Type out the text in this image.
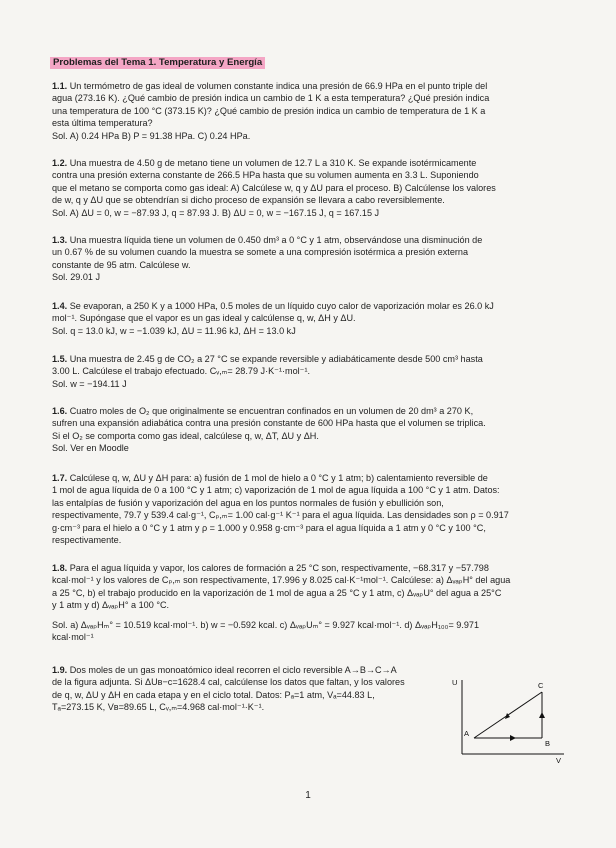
Problemas del Tema 1. Temperatura y Energía

1.1. Un termómetro de gas ideal de volumen constante indica una presión de 66.9 HPa en el punto triple del

agua (273.16 K). ¿Qué cambio de presión indica un cambio de 1 K a esta temperatura? ¿Qué presión indica

una temperatura de 100 °C (373.15 K)? ¿Qué cambio de presión indica un cambio de temperatura de 1 K a

esta última temperatura?

Sol. A) 0.24 HPa B) P = 91.38 HPa. C) 0.24 HPa.

1.2. Una muestra de 4.50 g de metano tiene un volumen de 12.7 L a 310 K. Se expande isotérmicamente

contra una presión externa constante de 266.5 HPa hasta que su volumen aumenta en 3.3 L. Suponiendo

que el metano se comporta como gas ideal: A) Calcúlese w, q y ΔU para el proceso. B) Calcúlense los valores

de w, q y ΔU que se obtendrían si dicho proceso de expansión se llevara a cabo reversiblemente.

Sol. A) ΔU = 0, w = −87.93 J, q = 87.93 J. B) ΔU = 0, w = −167.15 J, q = 167.15 J

1.3. Una muestra líquida tiene un volumen de 0.450 dm³ a 0 °C y 1 atm, observándose una disminución de

un 0.67 % de su volumen cuando la muestra se somete a una compresión isotérmica a presión externa

constante de 95 atm. Calcúlese w.

Sol. 29.01 J

1.4. Se evaporan, a 250 K y a 1000 HPa, 0.5 moles de un líquido cuyo calor de vaporización molar es 26.0 kJ

mol⁻¹. Supóngase que el vapor es un gas ideal y calcúlense q, w, ΔH y ΔU.

Sol. q = 13.0 kJ, w = −1.039 kJ, ΔU = 11.96 kJ, ΔH = 13.0 kJ

1.5. Una muestra de 2.45 g de CO₂ a 27 °C se expande reversible y adiabáticamente desde 500 cm³ hasta

3.00 L. Calcúlese el trabajo efectuado. Cᵥ,ₘ= 28.79 J·K⁻¹·mol⁻¹.

Sol. w = −194.11 J

1.6. Cuatro moles de O₂ que originalmente se encuentran confinados en un volumen de 20 dm³ a 270 K,

sufren una expansión adiabática contra una presión constante de 600 HPa hasta que el volumen se triplica.

Si el O₂ se comporta como gas ideal, calcúlese q, w, ΔT, ΔU y ΔH.

Sol. Ver en Moodle

1.7. Calcúlese q, w, ΔU y ΔH para: a) fusión de 1 mol de hielo a 0 °C y 1 atm; b) calentamiento reversible de

1 mol de agua líquida de 0 a 100 °C y 1 atm; c) vaporización de 1 mol de agua líquida a 100 °C y 1 atm. Datos:

las entalpías de fusión y vaporización del agua en los puntos normales de fusión y ebullición son,

respectivamente, 79.7 y 539.4 cal·g⁻¹, Cₚ,ₘ= 1.00 cal·g⁻¹ K⁻¹ para el agua líquida. Las densidades son ρ = 0.917

g·cm⁻³ para el hielo a 0 °C y 1 atm y ρ = 1.000 y 0.958 g·cm⁻³ para el agua líquida a 1 atm y 0 °C y 100 °C,

respectivamente.

1.8. Para el agua líquida y vapor, los calores de formación a 25 °C son, respectivamente, −68.317 y −57.798

kcal·mol⁻¹ y los valores de Cₚ,ₘ son respectivamente, 17.996 y 8.025 cal·K⁻¹mol⁻¹. Calcúlese: a) ΔᵥₐₚH° del agua

a 25 °C, b) el trabajo producido en la vaporización de 1 mol de agua a 25 °C y 1 atm, c) ΔᵥₐₚU° del agua a 25°C

y 1 atm y d) ΔᵥₐₚH° a 100 °C.

Sol. a) ΔᵥₐₚHₘ° = 10.519 kcal·mol⁻¹. b) w = −0.592 kcal. c) ΔᵥₐₚUₘ° = 9.927 kcal·mol⁻¹. d) ΔᵥₐₚH₁₀₀= 9.971

kcal·mol⁻¹

1.9. Dos moles de un gas monoatómico ideal recorren el ciclo reversible A→B→C→A

de la figura adjunta. Si ΔUʙ−ᴄ=1628.4 cal, calcúlense los datos que faltan, y los valores

de q, w, ΔU y ΔH en cada etapa y en el ciclo total. Datos: Pₐ=1 atm, Vₐ=44.83 L,

Tₐ=273.15 K, Vʙ=89.65 L, Cᵥ,ₘ=4.968 cal·mol⁻¹·K⁻¹.

U
V
A
B
C
1
